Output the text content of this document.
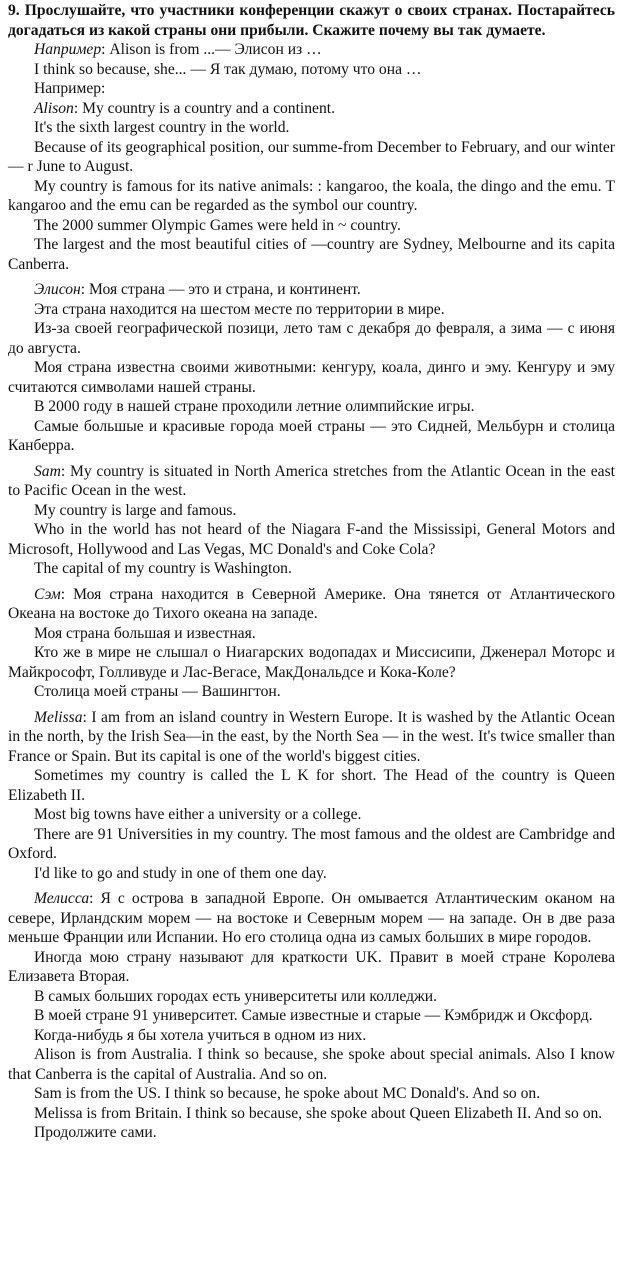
9. Прослушайте, что участники конференции скажут о своих странах. Постарайтесь догадаться из какой страны они прибыли. Скажите почему вы так думаете.

Например: Alison is from ...— Элисон из …

I think so because, she... — Я так думаю, потому что она …

Например:

Alison: My country is a country and a continent.

It's the sixth largest country in the world.

Because of its geographical position, our summe-from December to February, and our winter — r June to August.

My country is famous for its native animals: : kangaroo, the koala, the dingo and the emu. T kangaroo and the emu can be regarded as the symbol our country.

The 2000 summer Olympic Games were held in ~ country.

The largest and the most beautiful cities of —country are Sydney, Melbourne and its capita Canberra.

Элисон: Моя страна — это и страна, и континент.

Эта страна находится на шестом месте по территории в мире.

Из-за своей географической позици, лето там с декабря до февраля, а зима — с июня до августа.

Моя страна известна своими животными: кенгуру, коала, динго и эму. Кенгуру и эму считаются символами нашей страны.

В 2000 году в нашей стране проходили летние олимпийские игры.

Самые большые и красивые города моей страны — это Сидней, Мельбурн и столица Канберра.

Sam: My country is situated in North America stretches from the Atlantic Ocean in the east to Pacific Ocean in the west.

My country is large and famous.

Who in the world has not heard of the Niagara F-and the Mississipi, General Motors and Microsoft, Hollywood and Las Vegas, MC Donald's and Coke Cola?

The capital of my country is Washington.

Сэм: Моя страна находится в Северной Америке. Она тянется от Атлантического Океана на востоке до Тихого океана на западе.

Моя страна большая и известная.

Кто же в мире не слышал о Ниагарских водопадах и Миссисипи, Дженерал Моторс и Майкрософт, Голливуде и Лас-Вегасе, МакДональдсе и Кока-Коле?

Столица моей страны — Вашингтон.

Melissa: I am from an island country in Western Europe. It is washed by the Atlantic Ocean in the north, by the Irish Sea—in the east, by the North Sea — in the west. It's twice smaller than France or Spain. But its capital is one of the world's biggest cities.

Sometimes my country is called the L K for short. The Head of the country is Queen Elizabeth II.

Most big towns have either a university or a college.

There are 91 Universities in my country. The most famous and the oldest are Cambridge and Oxford.

I'd like to go and study in one of them one day.

Мелисса: Я с острова в западной Европе. Он омывается Атлантическим оканом на севере, Ирландским морем — на востоке и Северным морем — на западе. Он в две раза меньше Франции или Испании. Но его столица одна из самых больших в мире городов.

Иногда мою страну называют для краткости UK. Правит в моей стране Королева Елизавета Вторая.

В самых больших городах есть университеты или колледжи.

В моей стране 91 университет. Самые известные и старые — Кэмбридж и Оксфорд.

Когда-нибудь я бы хотела учиться в одном из них.

Alison is from Australia. I think so because, she spoke about special animals. Also I know that Canberra is the capital of Australia. And so on.

Sam is from the US. I think so because, he spoke about MC Donald's. And so on.

Melissa is from Britain. I think so because, she spoke about Queen Elizabeth II. And so on.

Продолжите сами.
